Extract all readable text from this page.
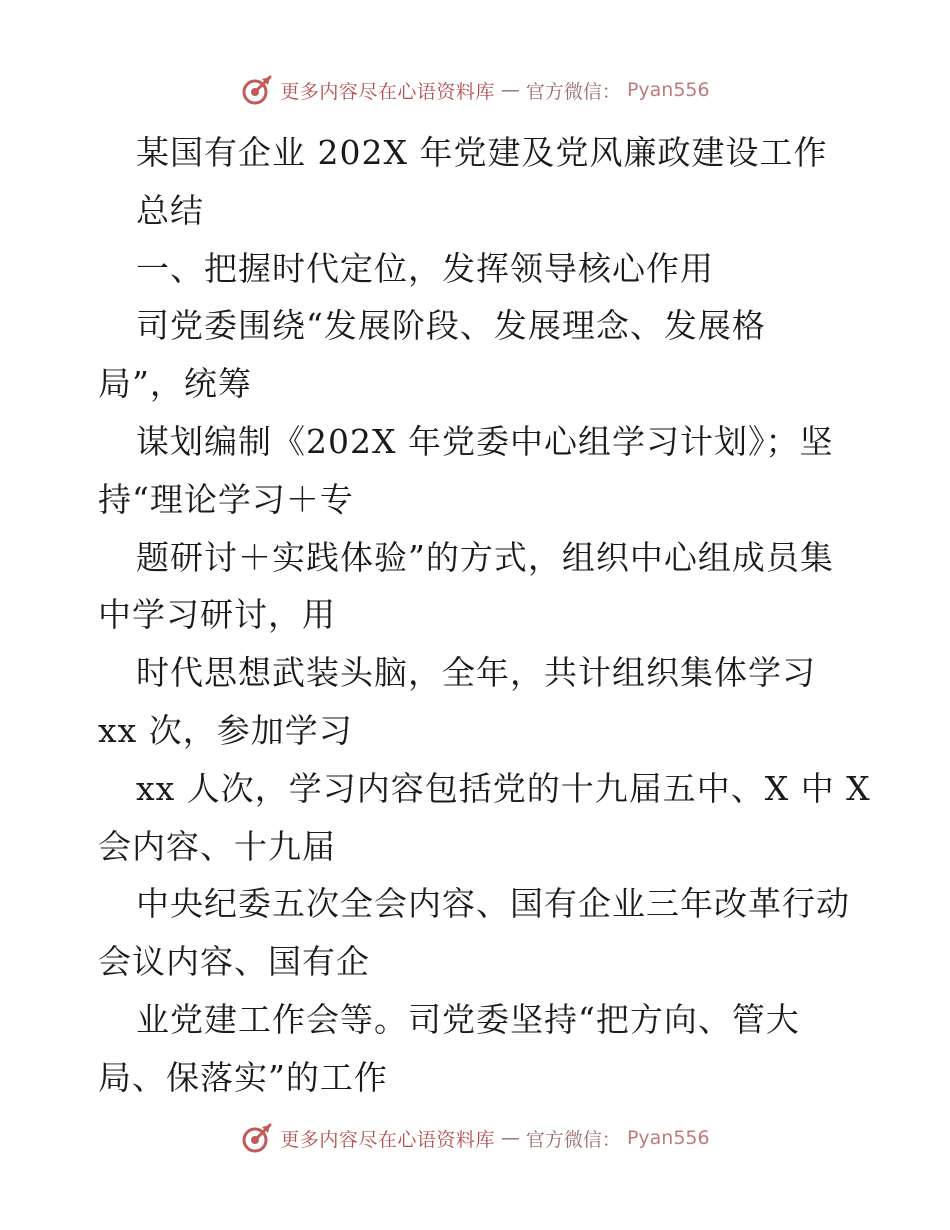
更多内容尽在心语资料库 — 官方微信： Pyan556
某国有企业 202X 年党建及党风廉政建设工作
总结
一、把握时代定位，发挥领导核心作用
司党委围绕“发展阶段、发展理念、发展格
局”，统筹
谋划编制《202X 年党委中心组学习计划》；坚
持“理论学习＋专
题研讨＋实践体验”的方式，组织中心组成员集
中学习研讨，用
时代思想武装头脑，全年，共计组织集体学习
xx 次，参加学习
xx 人次，学习内容包括党的十九届五中、X 中 X
会内容、十九届
中央纪委五次全会内容、国有企业三年改革行动
会议内容、国有企
业党建工作会等。司党委坚持“把方向、管大
局、保落实”的工作
更多内容尽在心语资料库 — 官方微信： Pyan556
